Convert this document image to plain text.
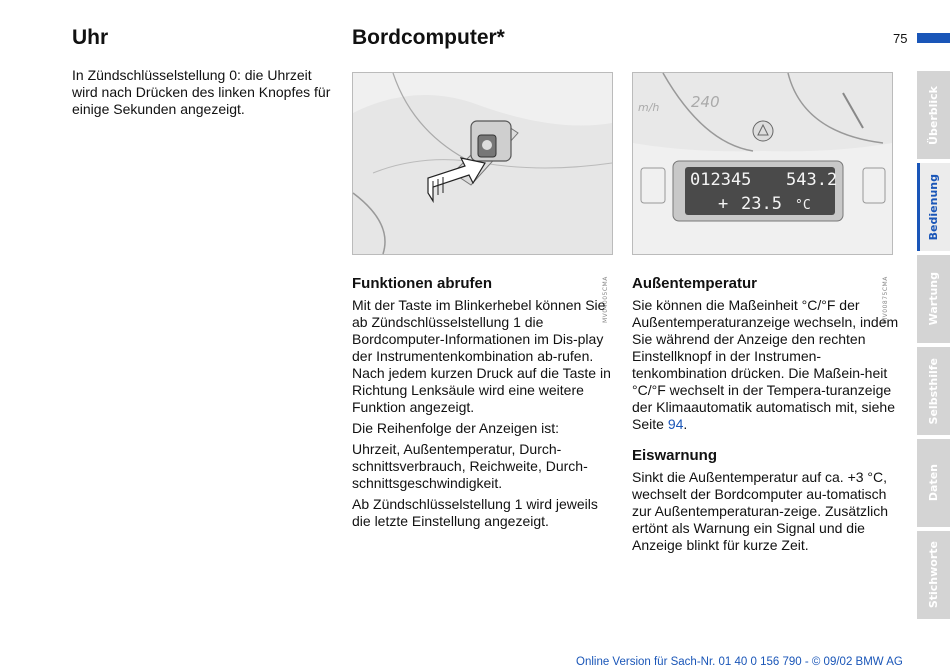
Uhr

In Zündschlüsselstellung 0: die Uhrzeit wird nach Drücken des linken Knopfes für einige Sekunden angezeigt.

Bordcomputer*	75
MV04005CMA
012345 543.2
+ 23.5 °C
m/h 240
MV00875CMA
Funktionen abrufen

Mit der Taste im Blinkerhebel können Sie ab Zündschlüsselstellung 1 die Bordcomputer-Informationen im Dis-play der Instrumentenkombination ab-rufen. Nach jedem kurzen Druck auf die Taste in Richtung Lenksäule wird eine weitere Funktion angezeigt.

Die Reihenfolge der Anzeigen ist:

Uhrzeit, Außentemperatur, Durch-schnittsverbrauch, Reichweite, Durch-schnittsgeschwindigkeit.

Ab Zündschlüsselstellung 1 wird jeweils die letzte Einstellung angezeigt.

Außentemperatur

Sie können die Maßeinheit °C/°F der Außentemperaturanzeige wechseln, indem Sie während der Anzeige den rechten Einstellknopf in der Instrumen-tenkombination drücken. Die Maßein-heit °C/°F wechselt in der Tempera-turanzeige der Klimaautomatik automatisch mit, siehe Seite 94.

Eiswarnung

Sinkt die Außentemperatur auf ca. +3 °C, wechselt der Bordcomputer au-tomatisch zur Außentemperaturan-zeige. Zusätzlich ertönt als Warnung ein Signal und die Anzeige blinkt für kurze Zeit.

Überblick
Bedienung
Wartung
Selbsthilfe
Daten
Stichworte
Online Version für Sach-Nr. 01 40 0 156 790 - © 09/02 BMW AG
